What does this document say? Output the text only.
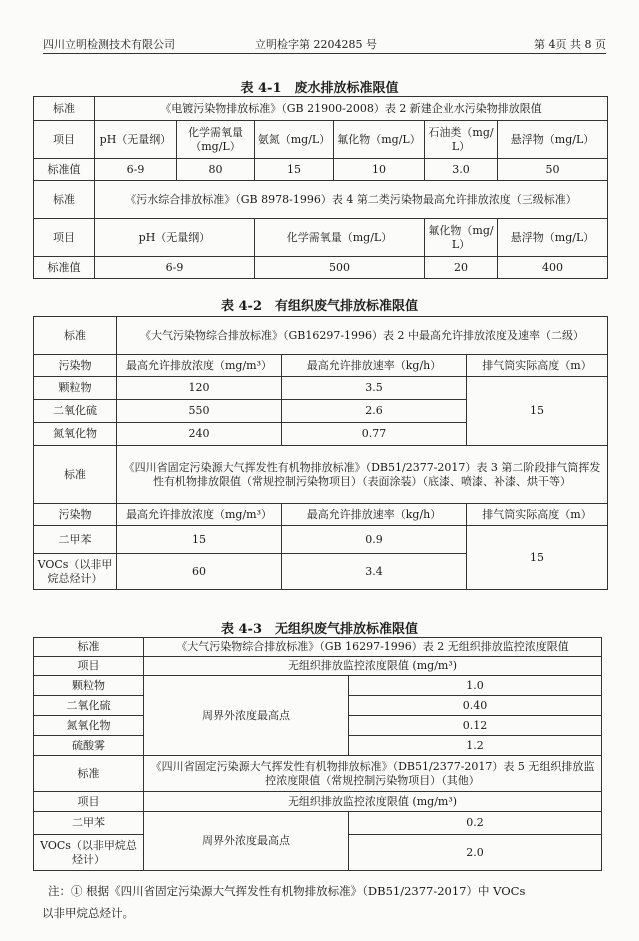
四川立明检测技术有限公司	立明检字第 2204285 号	第 4页 共 8 页
表 4-1　废水排放标准限值
标准	《电镀污染物排放标准》（GB 21900-2008）表 2 新建企业水污染物排放限值					
项目	pH（无量纲）	化学需氧量（mg/L）	氨氮（mg/L）	氟化物（mg/L）	石油类（mg/L）	悬浮物（mg/L）
标准值	6-9	80	15	10	3.0	50
标准	《污水综合排放标准》（GB 8978-1996）表 4 第二类污染物最高允许排放浓度（三级标准）					
项目	pH（无量纲）		化学需氧量（mg/L）		氟化物（mg/L）	悬浮物（mg/L）
标准值	6-9		500		20	400
表 4-2　有组织废气排放标准限值
标准	《大气污染物综合排放标准》（GB16297-1996）表 2 中最高允许排放浓度及速率（二级）		
污染物	最高允许排放浓度（mg/m³）	最高允许排放速率（kg/h）	排气筒实际高度（m）
颗粒物	120	3.5	15
二氧化硫	550	2.6	
氮氧化物	240	0.77	
标准	《四川省固定污染源大气挥发性有机物排放标准》（DB51/2377-2017）表 3 第二阶段排气筒挥发性有机物排放限值（常规控制污染物项目）（表面涂装）（底漆、喷漆、补漆、烘干等）		
污染物	最高允许排放浓度（mg/m³）	最高允许排放速率（kg/h）	排气筒实际高度（m）
二甲苯	15	0.9	15
VOCs（以非甲烷总烃计）	60	3.4	
表 4-3　无组织废气排放标准限值
标准	《大气污染物综合排放标准》（GB 16297-1996）表 2 无组织排放监控浓度限值	
项目	无组织排放监控浓度限值 (mg/m³)	
颗粒物	周界外浓度最高点	1.0
二氧化硫		0.40
氮氧化物		0.12
硫酸雾		1.2
标准	《四川省固定污染源大气挥发性有机物排放标准》（DB51/2377-2017）表 5 无组织排放监控浓度限值（常规控制污染物项目）（其他）	
项目	无组织排放监控浓度限值 (mg/m³)	
二甲苯	周界外浓度最高点	0.2
VOCs（以非甲烷总烃计）		2.0

注：① 根据《四川省固定污染源大气挥发性有机物排放标准》（DB51/2377-2017）中 VOCs

以非甲烷总烃计。
